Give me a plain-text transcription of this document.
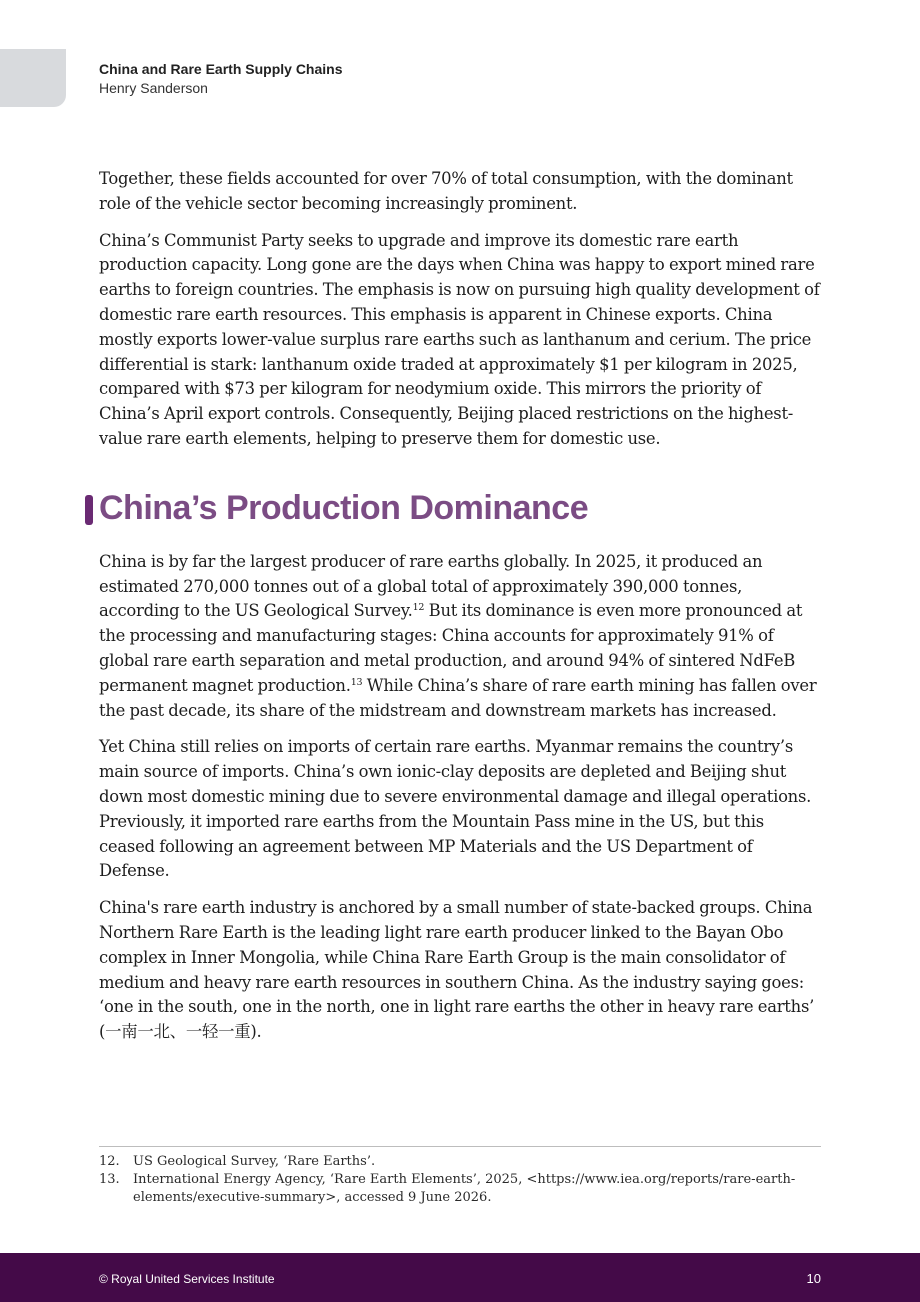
China and Rare Earth Supply Chains
Henry Sanderson

Together, these fields accounted for over 70% of total consumption, with the dominant role of the vehicle sector becoming increasingly prominent.

China’s Communist Party seeks to upgrade and improve its domestic rare earth production capacity. Long gone are the days when China was happy to export mined rare earths to foreign countries. The emphasis is now on pursuing high quality development of domestic rare earth resources. This emphasis is apparent in Chinese exports. China mostly exports lower-value surplus rare earths such as lanthanum and cerium. The price differential is stark: lanthanum oxide traded at approximately $1 per kilogram in 2025, compared with $73 per kilogram for neodymium oxide. This mirrors the priority of China’s April export controls. Consequently, Beijing placed restrictions on the highest-value rare earth elements, helping to preserve them for domestic use.

China’s Production Dominance

China is by far the largest producer of rare earths globally. In 2025, it produced an estimated 270,000 tonnes out of a global total of approximately 390,000 tonnes, according to the US Geological Survey.$^{12}$ But its dominance is even more pronounced at the processing and manufacturing stages: China accounts for approximately 91% of global rare earth separation and metal production, and around 94% of sintered NdFeB permanent magnet production.$^{13}$ While China’s share of rare earth mining has fallen over the past decade, its share of the midstream and downstream markets has increased.

Yet China still relies on imports of certain rare earths. Myanmar remains the country’s main source of imports. China’s own ionic-clay deposits are depleted and Beijing shut down most domestic mining due to severe environmental damage and illegal operations. Previously, it imported rare earths from the Mountain Pass mine in the US, but this ceased following an agreement between MP Materials and the US Department of Defense.

China's rare earth industry is anchored by a small number of state-backed groups. China Northern Rare Earth is the leading light rare earth producer linked to the Bayan Obo complex in Inner Mongolia, while China Rare Earth Group is the main consolidator of medium and heavy rare earth resources in southern China. As the industry saying goes: ‘one in the south, one in the north, one in light rare earths the other in heavy rare earths’ (一南一北、一轻一重).

12.	US Geological Survey, ‘Rare Earths’.
13.	International Energy Agency, ‘Rare Earth Elements’, 2025, <https://www.iea.org/reports/rare-earth-elements/executive-summary>, accessed 9 June 2026.
© Royal United Services Institute	10
